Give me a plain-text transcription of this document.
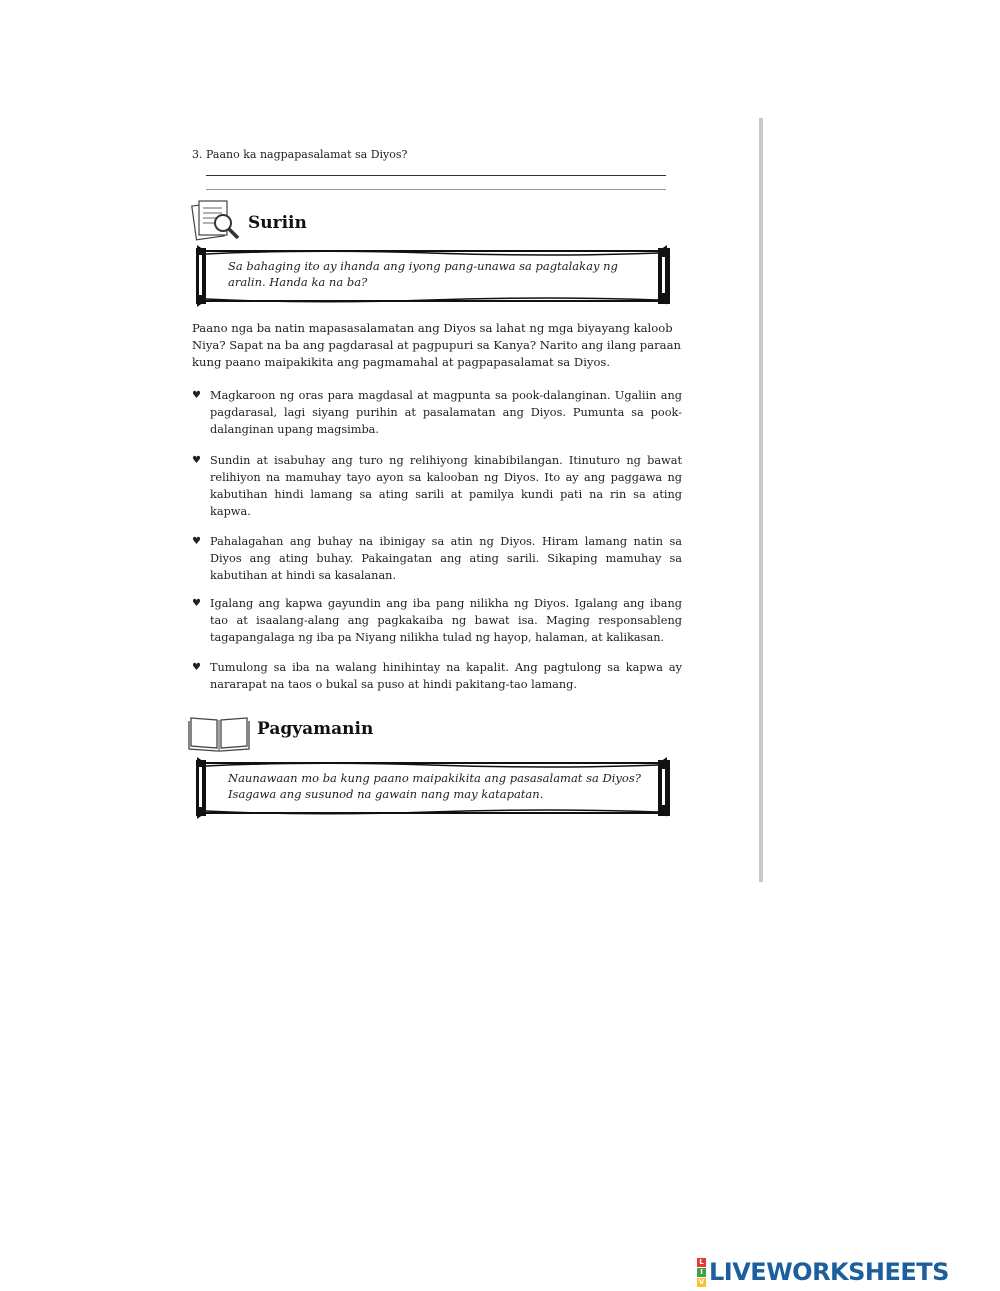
3. Paano ka nagpapasalamat sa Diyos?
Suriin
Sa bahaging ito ay ihanda ang iyong pang-unawa sa pagtalakay ng aralin. Handa ka na ba?
Paano nga ba natin mapasasalamatan ang Diyos sa lahat ng mga biyayang kaloob Niya? Sapat na ba ang pagdarasal at pagpupuri sa Kanya? Narito ang ilang paraan kung paano maipakikita ang pagmamahal at pagpapasalamat sa Diyos.
♥ Magkaroon ng oras para magdasal at magpunta sa pook-dalanginan. Ugaliin ang pagdarasal, lagi siyang purihin at pasalamatan ang Diyos. Pumunta sa pook-dalanginan upang magsimba.
♥ Sundin at isabuhay ang turo ng relihiyong kinabibilangan. Itinuturo ng bawat relihiyon na mamuhay tayo ayon sa kalooban ng Diyos. Ito ay ang paggawa ng kabutihan hindi lamang sa ating sarili at pamilya kundi pati na rin sa ating kapwa.
♥ Pahalagahan ang buhay na ibinigay sa atin ng Diyos. Hiram lamang natin sa Diyos ang ating buhay. Pakaingatan ang ating sarili. Sikaping mamuhay sa kabutihan at hindi sa kasalanan.
♥ Igalang ang kapwa gayundin ang iba pang nilikha ng Diyos. Igalang ang ibang tao at isaalang-alang ang pagkakaiba ng bawat isa. Maging responsableng tagapangalaga ng iba pa Niyang nilikha tulad ng hayop, halaman, at kalikasan.
♥ Tumulong sa iba na walang hinihintay na kapalit. Ang pagtulong sa kapwa ay nararapat na taos o bukal sa puso at hindi pakitang-tao lamang.
Pagyamanin
Naunawaan mo ba kung paano maipakikita ang pasasalamat sa Diyos? Isagawa ang susunod na gawain nang may katapatan.
L
I
V LIVEWORKSHEETS
